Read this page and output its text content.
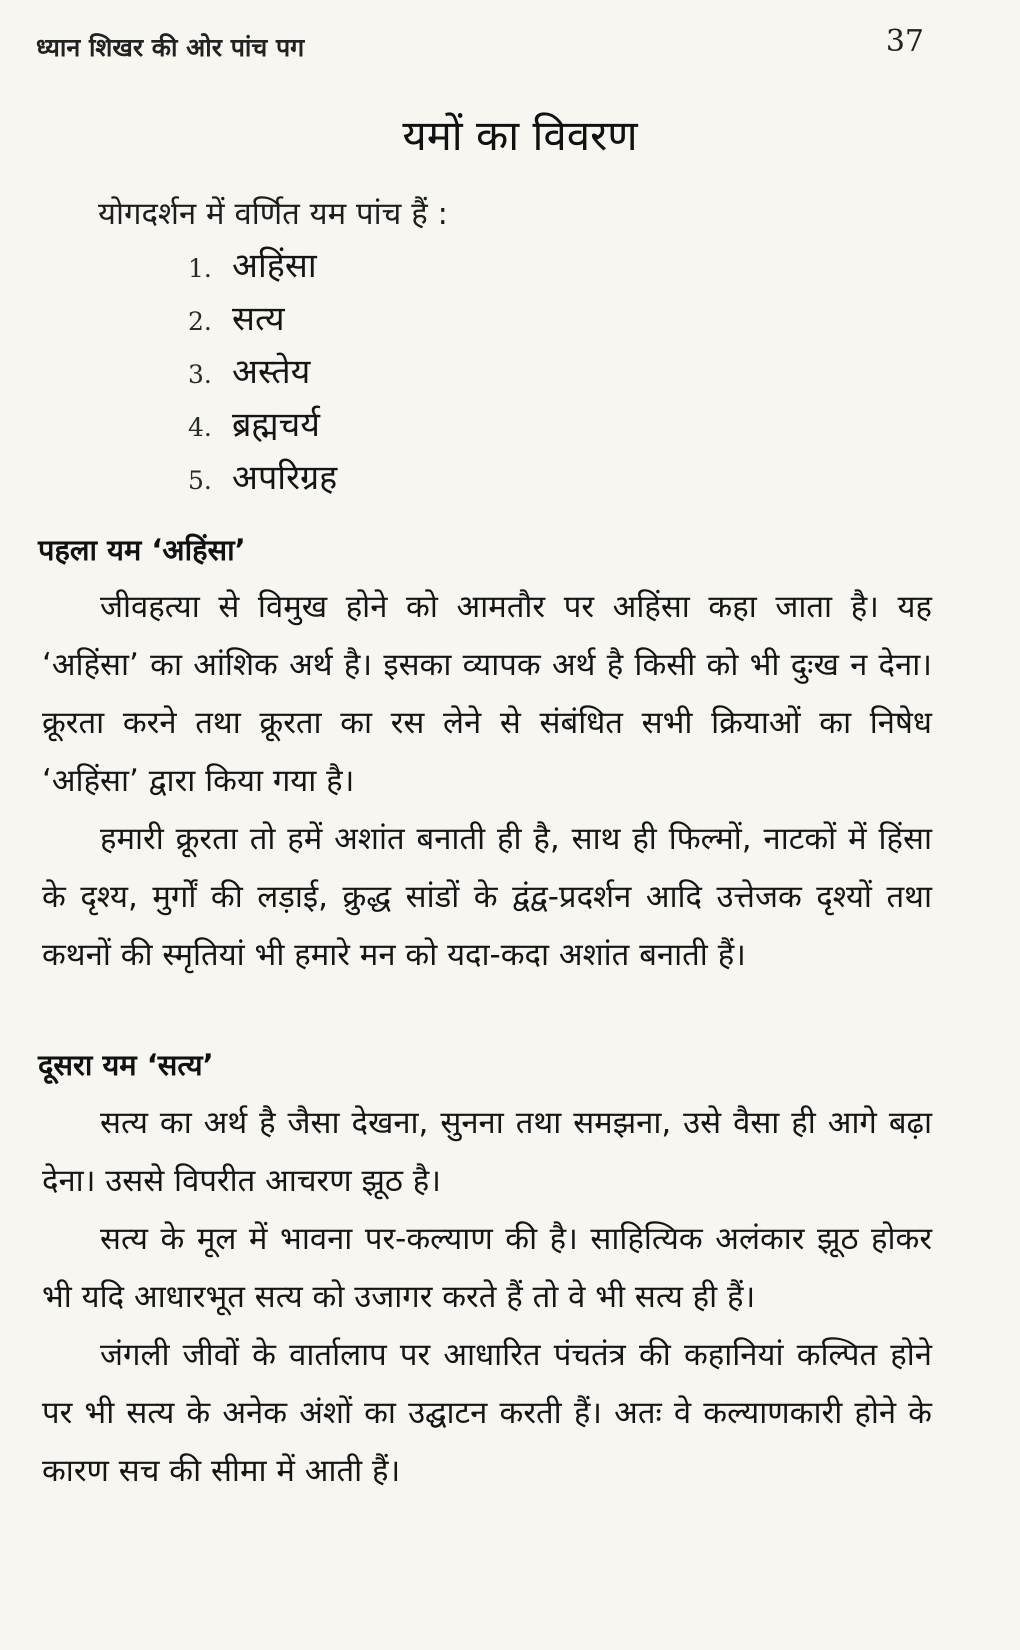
ध्यान शिखर की ओर पांच पग	37
यमों का विवरण
योगदर्शन में वर्णित यम पांच हैं :
1. अहिंसा
2. सत्य
3. अस्तेय
4. ब्रह्मचर्य
5. अपरिग्रह
पहला यम ‘अहिंसा’

जीवहत्या से विमुख होने को आमतौर पर अहिंसा कहा जाता है। यह ‘अहिंसा’ का आंशिक अर्थ है। इसका व्यापक अर्थ है किसी को भी दुःख न देना। क्रूरता करने तथा क्रूरता का रस लेने से संबंधित सभी क्रियाओं का निषेध ‘अहिंसा’ द्वारा किया गया है।

हमारी क्रूरता तो हमें अशांत बनाती ही है, साथ ही फिल्मों, नाटकों में हिंसा के दृश्य, मुर्गों की लड़ाई, क्रुद्ध सांडों के द्वंद्व-प्रदर्शन आदि उत्तेजक दृश्यों तथा कथनों की स्मृतियां भी हमारे मन को यदा-कदा अशांत बनाती हैं।

दूसरा यम ‘सत्य’

सत्य का अर्थ है जैसा देखना, सुनना तथा समझना, उसे वैसा ही आगे बढ़ा देना। उससे विपरीत आचरण झूठ है।

सत्य के मूल में भावना पर-कल्याण की है। साहित्यिक अलंकार झूठ होकर भी यदि आधारभूत सत्य को उजागर करते हैं तो वे भी सत्य ही हैं।

जंगली जीवों के वार्तालाप पर आधारित पंचतंत्र की कहानियां कल्पित होने पर भी सत्य के अनेक अंशों का उद्घाटन करती हैं। अतः वे कल्याणकारी होने के कारण सच की सीमा में आती हैं।
